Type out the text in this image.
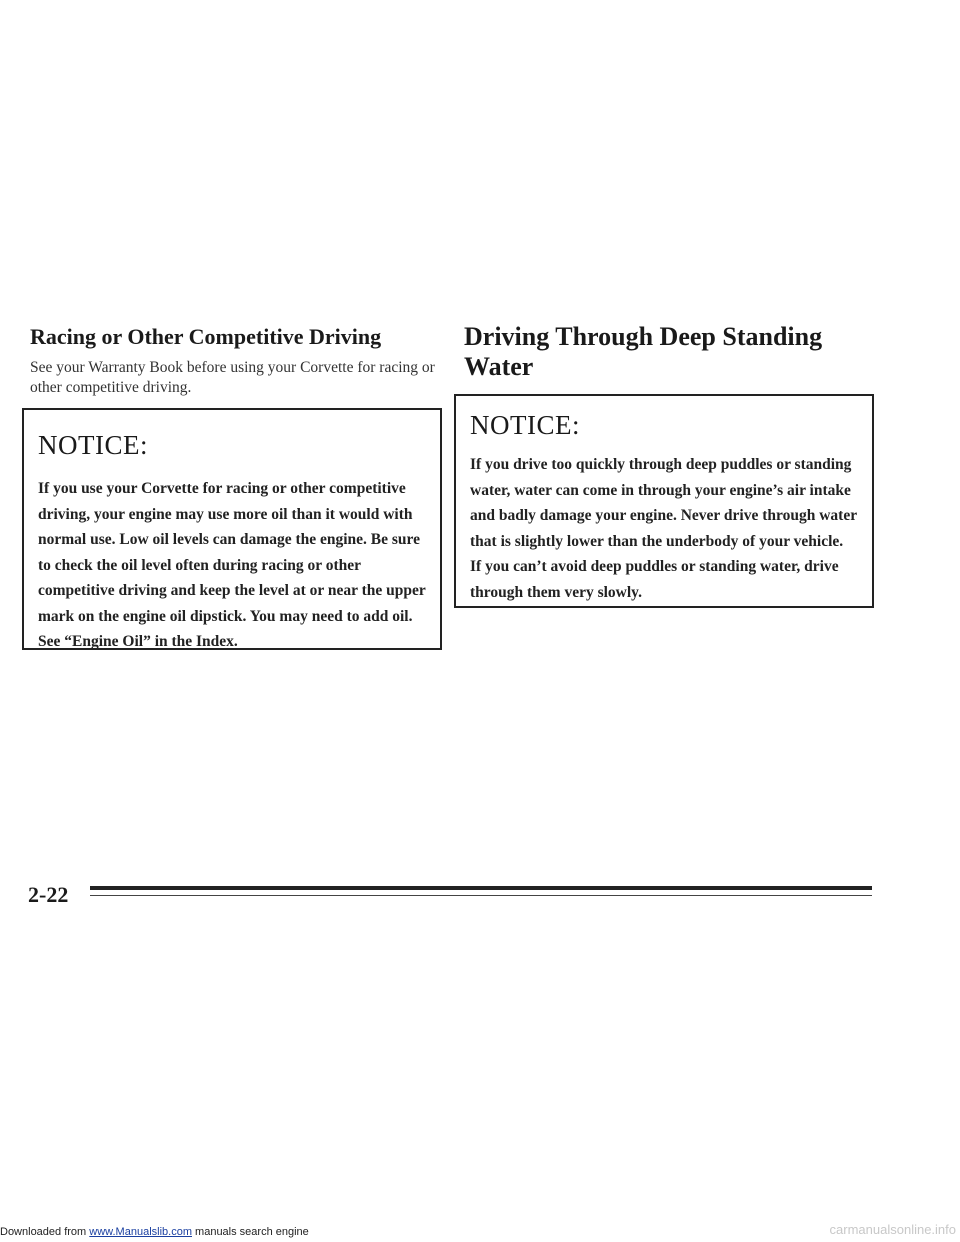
Racing or Other Competitive Driving

See your Warranty Book before using your Corvette for racing or other competitive driving.

NOTICE:

If you use your Corvette for racing or other competitive driving, your engine may use more oil than it would with normal use. Low oil levels can damage the engine. Be sure to check the oil level often during racing or other competitive driving and keep the level at or near the upper mark on the engine oil dipstick. You may need to add oil. See “Engine Oil” in the Index.

Driving Through Deep Standing Water

NOTICE:

If you drive too quickly through deep puddles or standing water, water can come in through your engine’s air intake and badly damage your engine. Never drive through water that is slightly lower than the underbody of your vehicle. If you can’t avoid deep puddles or standing water, drive through them very slowly.

2-22

Downloaded from www.Manualslib.com manuals search engine	carmanualsonline.info
